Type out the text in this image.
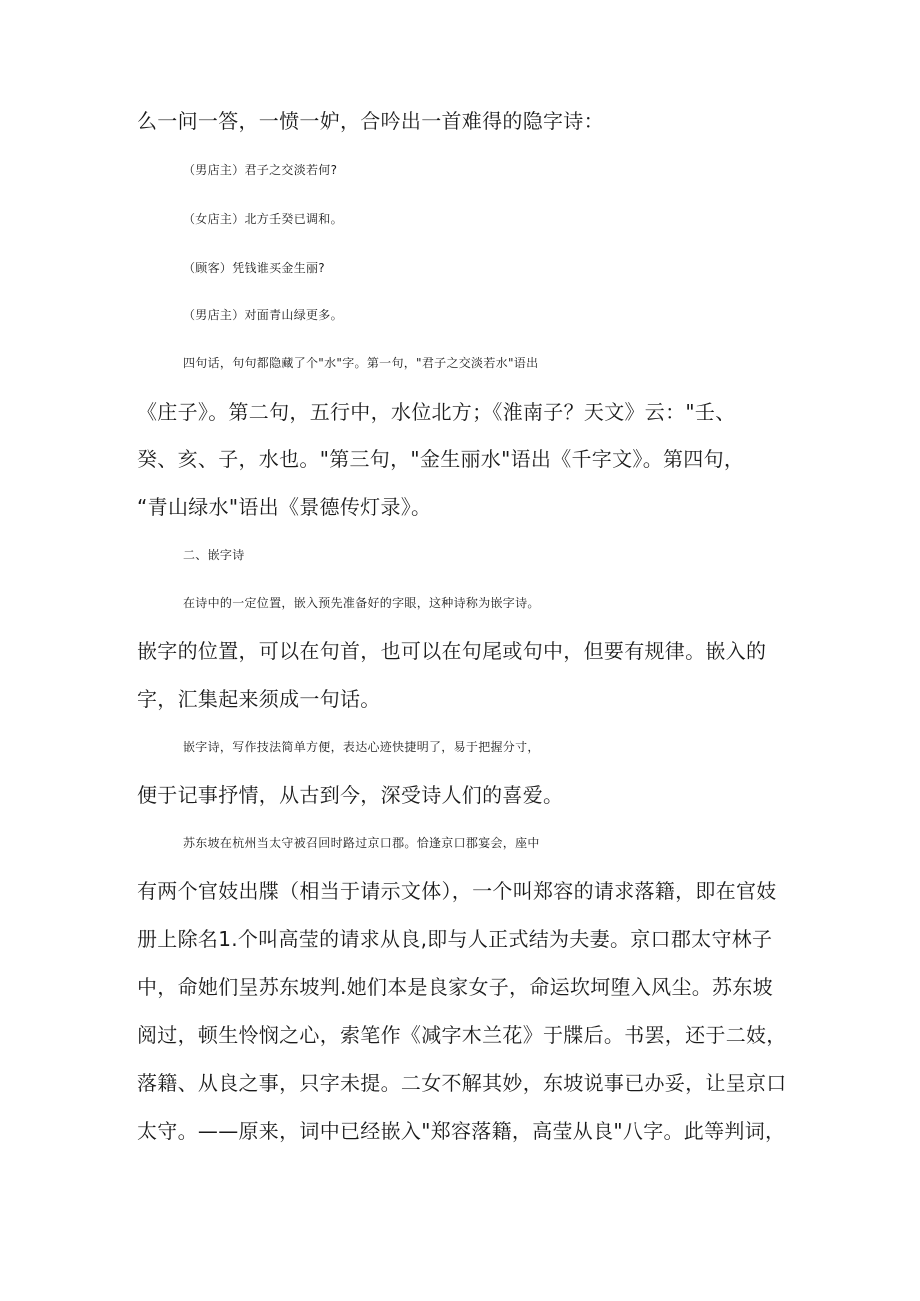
么一问一答，一愤一妒，合吟出一首难得的隐字诗：
（男店主）君子之交淡若何?
（女店主）北方壬癸已调和。
（顾客）凭钱谁买金生丽?
（男店主）对面青山绿更多。
四句话，句句都隐藏了个"水"字。第一句，"君子之交淡若水"语出
《庄子》。第二句，五行中，水位北方；《淮南子？天文》云："壬、
癸、亥、子，水也。"第三句，"金生丽水"语出《千字文》。第四句，
“青山绿水"语出《景德传灯录》。
二、嵌字诗
在诗中的一定位置，嵌入预先准备好的字眼，这种诗称为嵌字诗。
嵌字的位置，可以在句首，也可以在句尾或句中，但要有规律。嵌入的
字，汇集起来须成一句话。
嵌字诗，写作技法简单方便，表达心迹快捷明了，易于把握分寸，
便于记事抒情，从古到今，深受诗人们的喜爱。
苏东坡在杭州当太守被召回时路过京口郡。恰逢京口郡宴会，座中
有两个官妓出牒（相当于请示文体），一个叫郑容的请求落籍，即在官妓
册上除名1.个叫高莹的请求从良,即与人正式结为夫妻。京口郡太守林子
中，命她们呈苏东坡判.她们本是良家女子，命运坎坷堕入风尘。苏东坡
阅过，顿生怜悯之心，索笔作《减字木兰花》于牒后。书罢，还于二妓，
落籍、从良之事，只字未提。二女不解其妙，东坡说事已办妥，让呈京口
太守。——原来，词中已经嵌入"郑容落籍，高莹从良"八字。此等判词，
